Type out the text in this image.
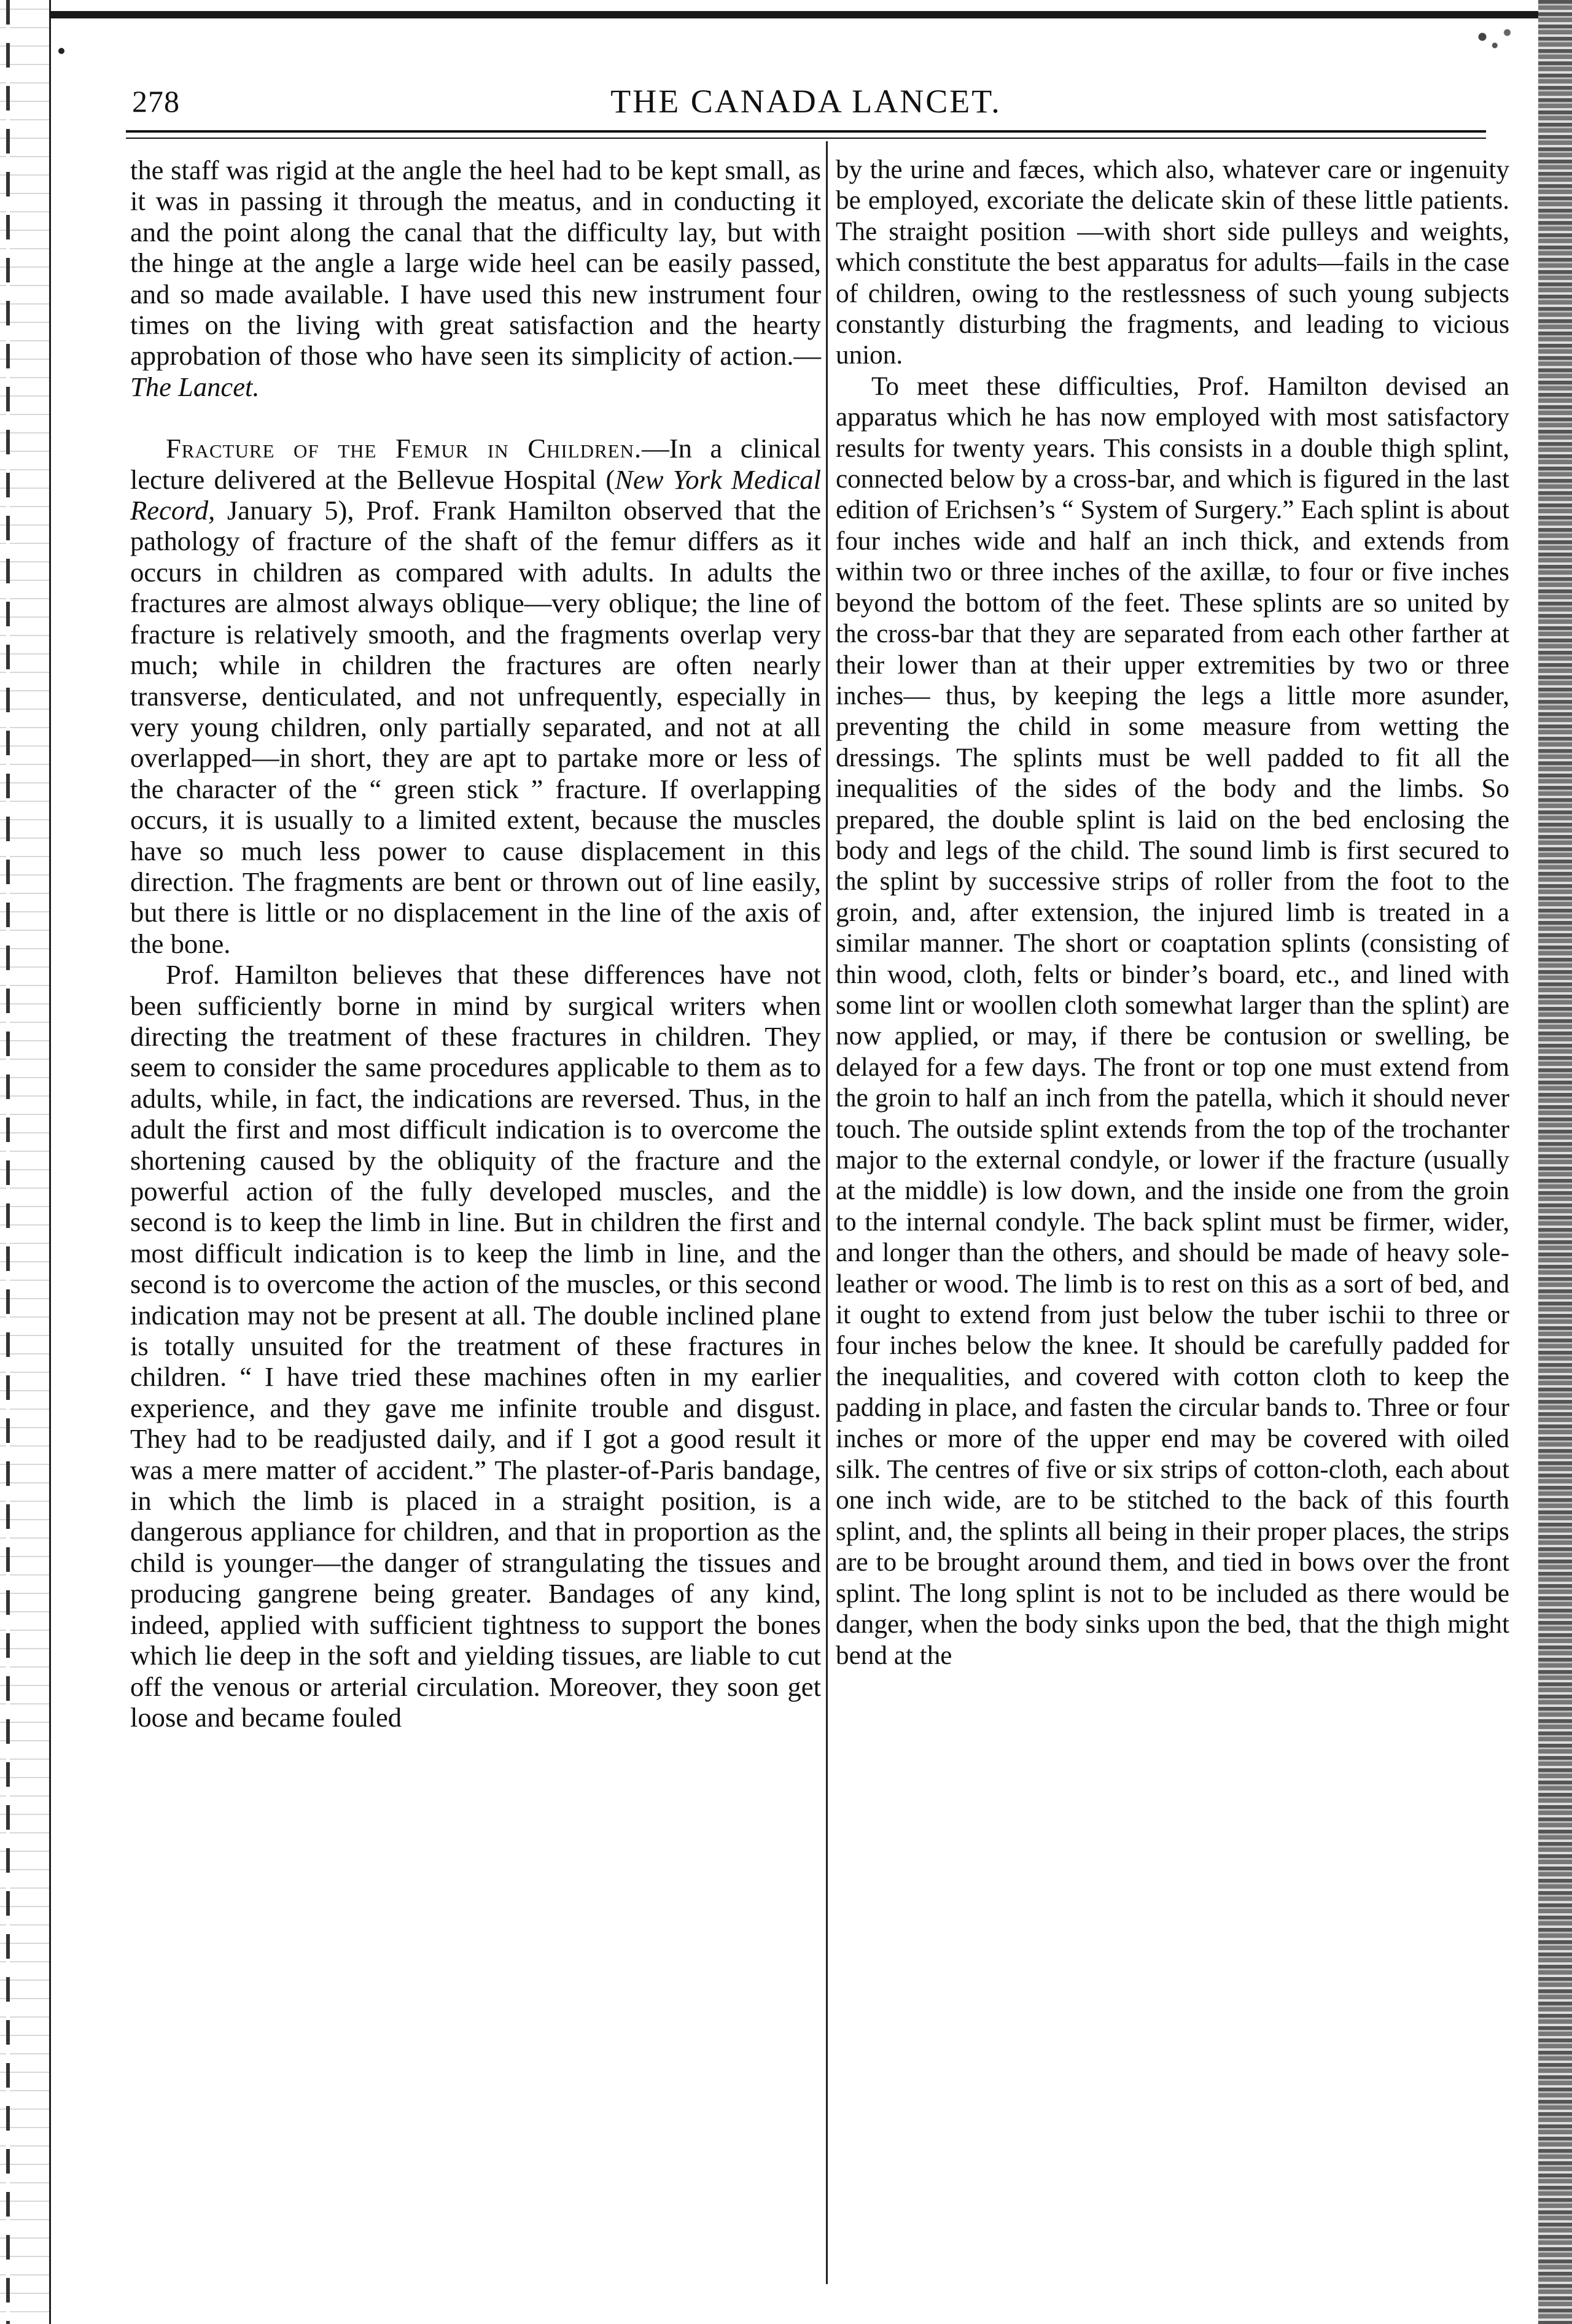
278	THE CANADA LANCET.

the staff was rigid at the angle the heel had to be kept small, as it was in passing it through the meatus, and in conducting it and the point along the canal that the difficulty lay, but with the hinge at the angle a large wide heel can be easily passed, and so made available. I have used this new instrument four times on the living with great satisfaction and the hearty approbation of those who have seen its simplicity of action.—The Lancet.

Fracture of the Femur in Children.—In a clinical lecture delivered at the Bellevue Hospital (New York Medical Record, January 5), Prof. Frank Hamilton observed that the pathology of fracture of the shaft of the femur differs as it occurs in children as compared with adults. In adults the fractures are almost always oblique—very oblique; the line of fracture is relatively smooth, and the fragments overlap very much; while in children the fractures are often nearly transverse, denticulated, and not unfrequently, especially in very young children, only partially separated, and not at all overlapped—in short, they are apt to partake more or less of the character of the “ green stick ” fracture. If overlapping occurs, it is usually to a limited extent, because the muscles have so much less power to cause displacement in this direction. The fragments are bent or thrown out of line easily, but there is little or no displacement in the line of the axis of the bone.

Prof. Hamilton believes that these differences have not been sufficiently borne in mind by surgical writers when directing the treatment of these fractures in children. They seem to consider the same procedures applicable to them as to adults, while, in fact, the indications are reversed. Thus, in the adult the first and most difficult indication is to overcome the shortening caused by the obliquity of the fracture and the powerful action of the fully developed muscles, and the second is to keep the limb in line. But in children the first and most difficult indication is to keep the limb in line, and the second is to overcome the action of the muscles, or this second indication may not be present at all. The double inclined plane is totally unsuited for the treatment of these fractures in children. “ I have tried these machines often in my earlier experience, and they gave me infinite trouble and disgust. They had to be readjusted daily, and if I got a good result it was a mere matter of accident.” The plaster-of-Paris bandage, in which the limb is placed in a straight position, is a dangerous appliance for children, and that in proportion as the child is younger—the danger of strangulating the tissues and producing gangrene being greater. Bandages of any kind, indeed, applied with sufficient tightness to support the bones which lie deep in the soft and yielding tissues, are liable to cut off the venous or arterial circulation. Moreover, they soon get loose and became fouled

by the urine and fæces, which also, whatever care or ingenuity be employed, excoriate the delicate skin of these little patients. The straight position —with short side pulleys and weights, which constitute the best apparatus for adults—fails in the case of children, owing to the restlessness of such young subjects constantly disturbing the fragments, and leading to vicious union.

To meet these difficulties, Prof. Hamilton devised an apparatus which he has now employed with most satisfactory results for twenty years. This consists in a double thigh splint, connected below by a cross-bar, and which is figured in the last edition of Erichsen’s “ System of Surgery.” Each splint is about four inches wide and half an inch thick, and extends from within two or three inches of the axillæ, to four or five inches beyond the bottom of the feet. These splints are so united by the cross-bar that they are separated from each other farther at their lower than at their upper extremities by two or three inches— thus, by keeping the legs a little more asunder, preventing the child in some measure from wetting the dressings. The splints must be well padded to fit all the inequalities of the sides of the body and the limbs. So prepared, the double splint is laid on the bed enclosing the body and legs of the child. The sound limb is first secured to the splint by successive strips of roller from the foot to the groin, and, after extension, the injured limb is treated in a similar manner. The short or coaptation splints (consisting of thin wood, cloth, felts or binder’s board, etc., and lined with some lint or woollen cloth somewhat larger than the splint) are now applied, or may, if there be contusion or swelling, be delayed for a few days. The front or top one must extend from the groin to half an inch from the patella, which it should never touch. The outside splint extends from the top of the trochanter major to the external condyle, or lower if the fracture (usually at the middle) is low down, and the inside one from the groin to the internal condyle. The back splint must be firmer, wider, and longer than the others, and should be made of heavy sole-leather or wood. The limb is to rest on this as a sort of bed, and it ought to extend from just below the tuber ischii to three or four inches below the knee. It should be carefully padded for the inequalities, and covered with cotton cloth to keep the padding in place, and fasten the circular bands to. Three or four inches or more of the upper end may be covered with oiled silk. The centres of five or six strips of cotton-cloth, each about one inch wide, are to be stitched to the back of this fourth splint, and, the splints all being in their proper places, the strips are to be brought around them, and tied in bows over the front splint. The long splint is not to be included as there would be danger, when the body sinks upon the bed, that the thigh might bend at the
